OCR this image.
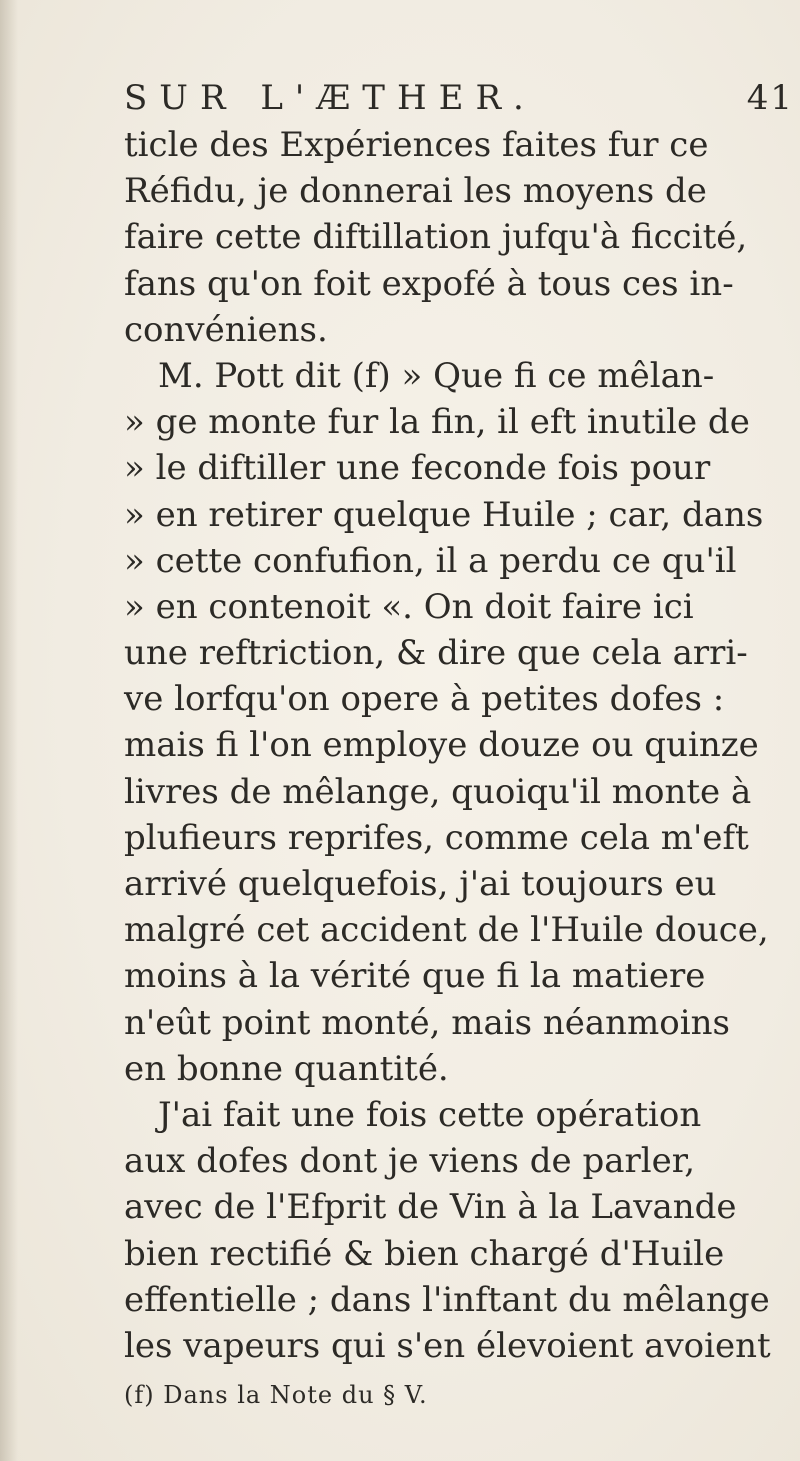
SUR L'ÆTHER.	41
ticle des Expériences faites fur ce
Réfidu, je donnerai les moyens de
faire cette diftillation jufqu'à ficcité,
fans qu'on foit expofé à tous ces in-
convéniens.
M. Pott dit (f) » Que fi ce mêlan-
» ge monte fur la fin, il eft inutile de
» le diftiller une feconde fois pour
» en retirer quelque Huile ; car, dans
» cette confufion, il a perdu ce qu'il
» en contenoit «. On doit faire ici
une reftriction, & dire que cela arri-
ve lorfqu'on opere à petites dofes :
mais fi l'on employe douze ou quinze
livres de mêlange, quoiqu'il monte à
plufieurs reprifes, comme cela m'eft
arrivé quelquefois, j'ai toujours eu
malgré cet accident de l'Huile douce,
moins à la vérité que fi la matiere
n'eût point monté, mais néanmoins
en bonne quantité.
J'ai fait une fois cette opération
aux dofes dont je viens de parler,
avec de l'Efprit de Vin à la Lavande
bien rectifié & bien chargé d'Huile
effentielle ; dans l'inftant du mêlange
les vapeurs qui s'en élevoient avoient
(f) Dans la Note du § V.
